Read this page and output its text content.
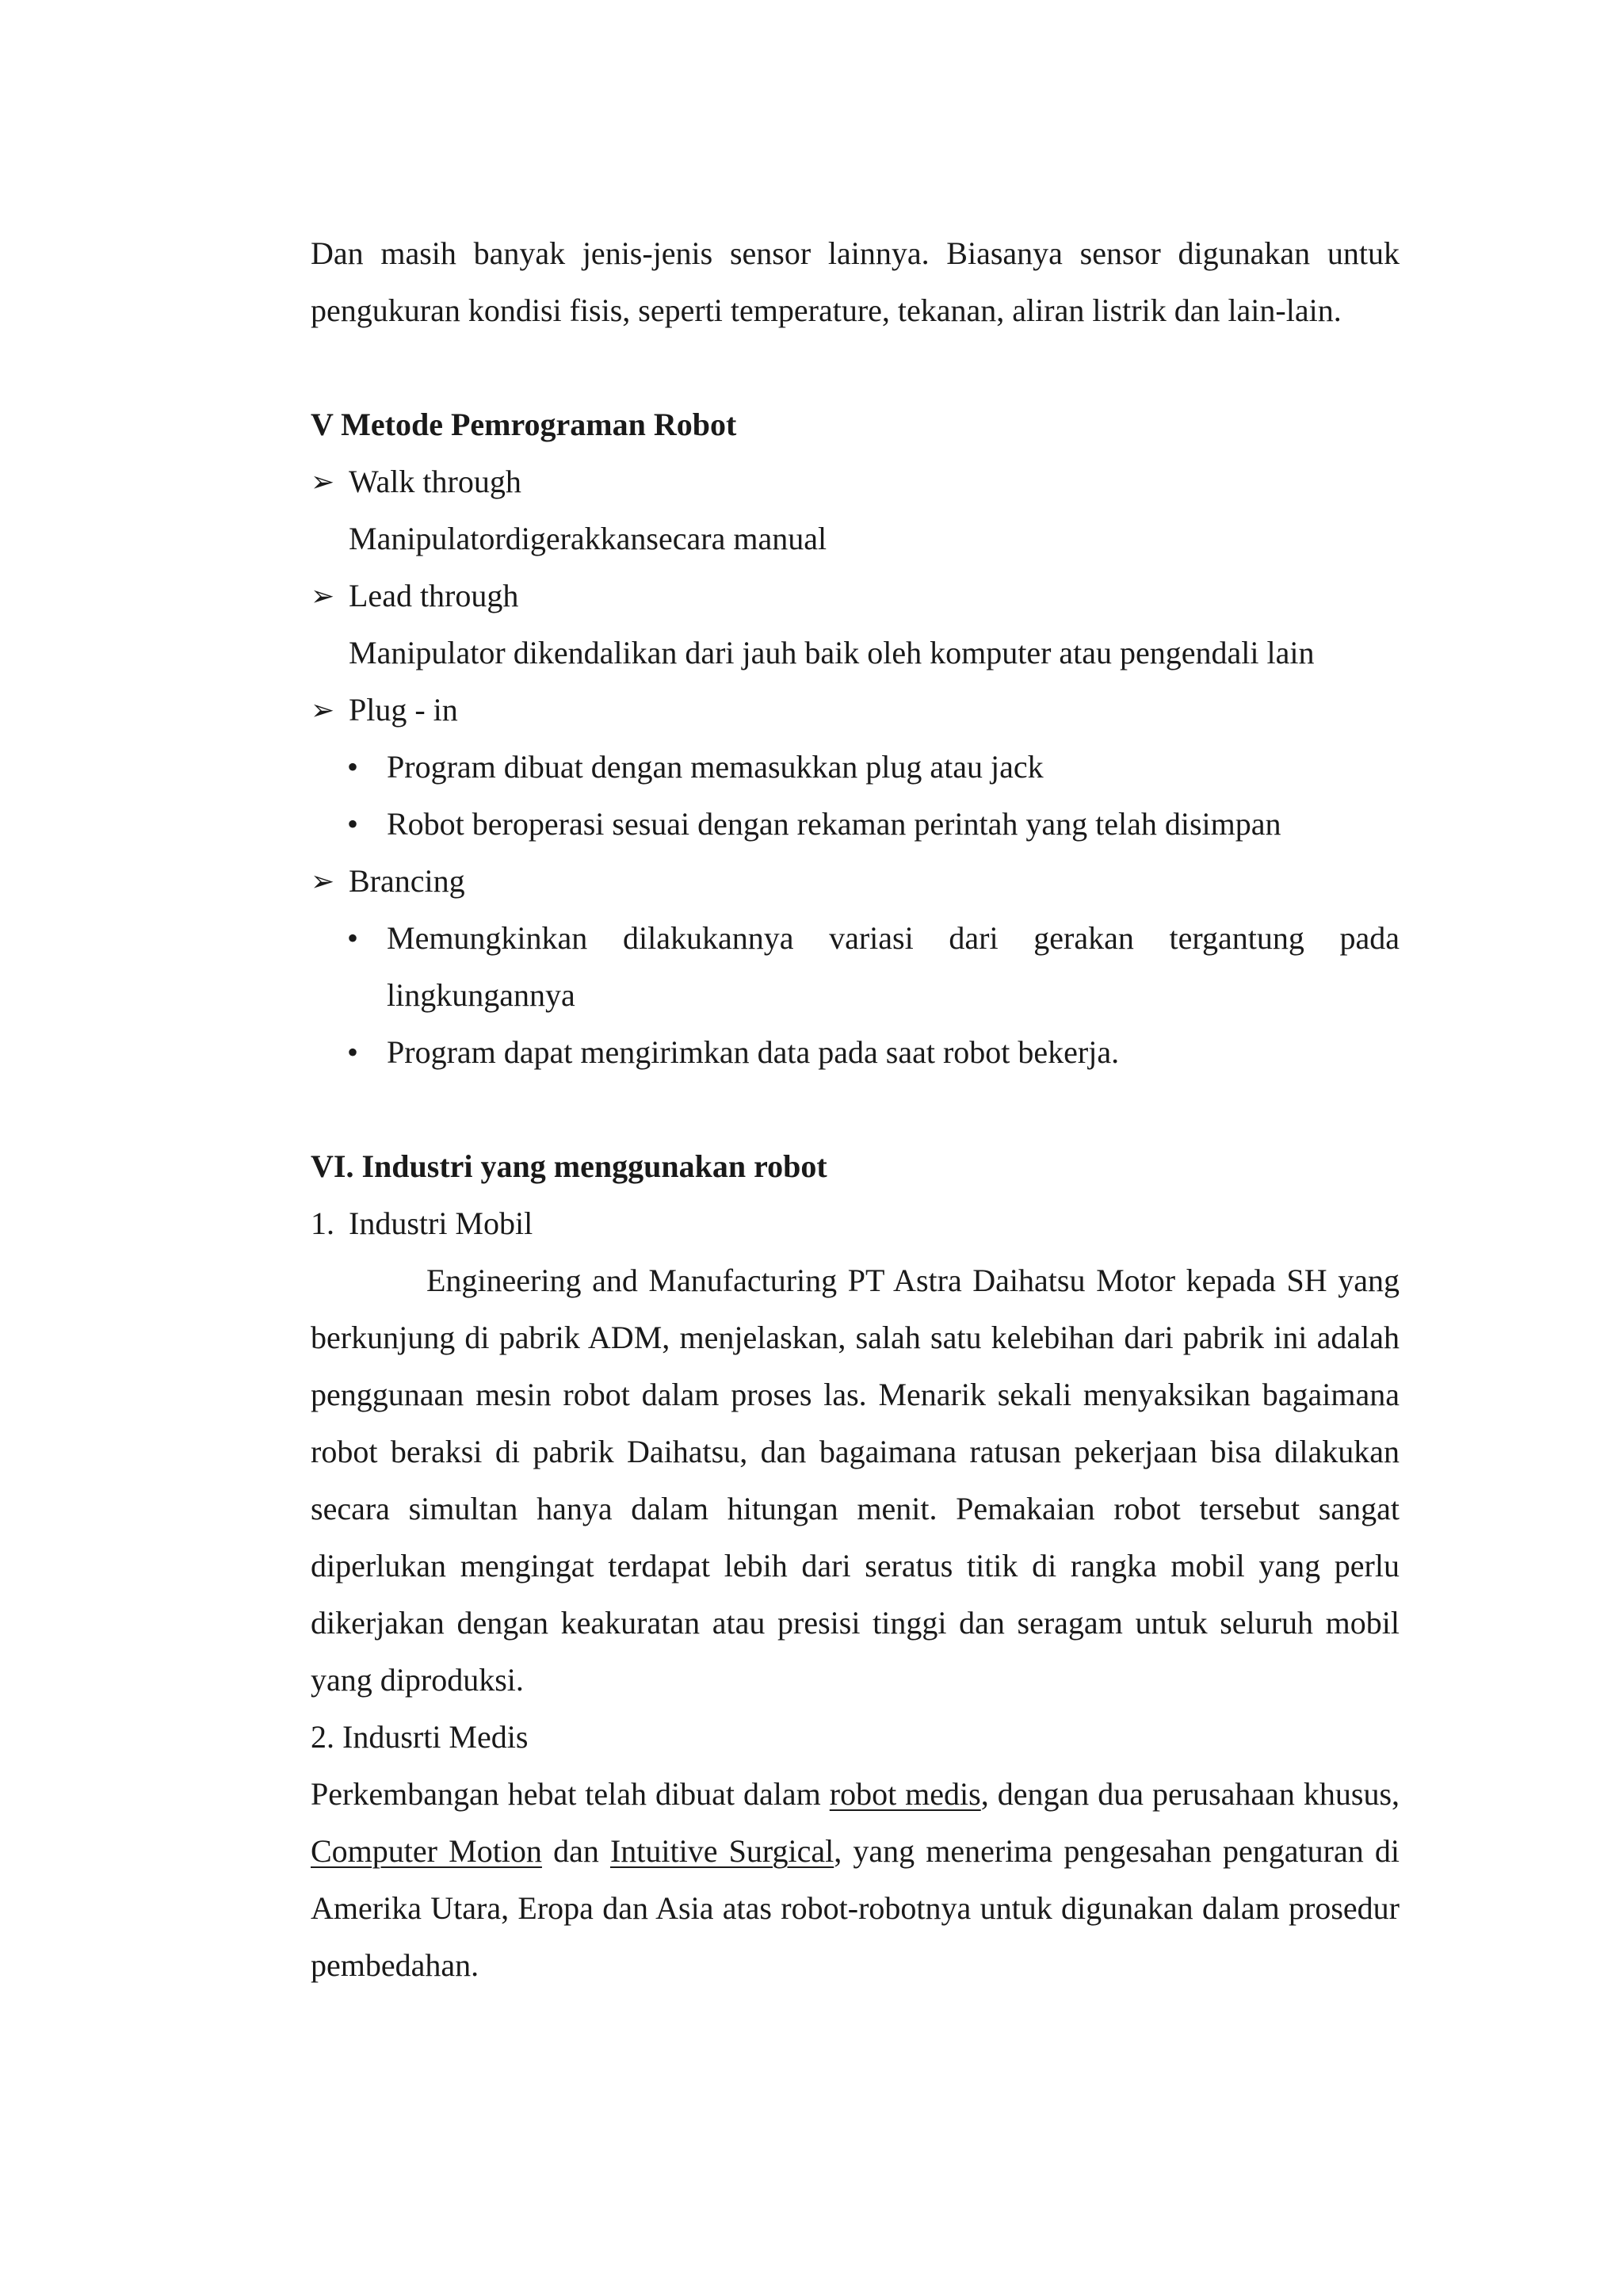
Dan masih banyak jenis-jenis sensor lainnya. Biasanya sensor digunakan untuk pengukuran kondisi fisis, seperti temperature, tekanan, aliran listrik dan lain-lain.

V Metode Pemrograman Robot

➢ Walk through

Manipulatordigerakkansecara manual

➢ Lead through

Manipulator dikendalikan dari jauh baik oleh komputer atau pengendali lain

➢ Plug - in

• Program dibuat dengan memasukkan plug atau jack

• Robot beroperasi sesuai dengan rekaman perintah yang telah disimpan

➢ Brancing

• Memungkinkan dilakukannya variasi dari gerakan tergantung pada lingkungannya

• Program dapat mengirimkan data pada saat robot bekerja.

VI. Industri yang menggunakan robot

1. Industri Mobil

Engineering and Manufacturing PT Astra Daihatsu Motor kepada SH yang berkunjung di pabrik ADM, menjelaskan, salah satu kelebihan dari pabrik ini adalah penggunaan mesin robot dalam proses las. Menarik sekali menyaksikan bagaimana robot beraksi di pabrik Daihatsu, dan bagaimana ratusan pekerjaan bisa dilakukan secara simultan hanya dalam hitungan menit. Pemakaian robot tersebut sangat diperlukan mengingat terdapat lebih dari seratus titik di rangka mobil yang perlu dikerjakan dengan keakuratan atau presisi tinggi dan seragam untuk seluruh mobil yang diproduksi.

2. Indusrti Medis

Perkembangan hebat telah dibuat dalam robot medis, dengan dua perusahaan khusus, Computer Motion dan Intuitive Surgical, yang menerima pengesahan pengaturan di Amerika Utara, Eropa dan Asia atas robot-robotnya untuk digunakan dalam prosedur pembedahan.
